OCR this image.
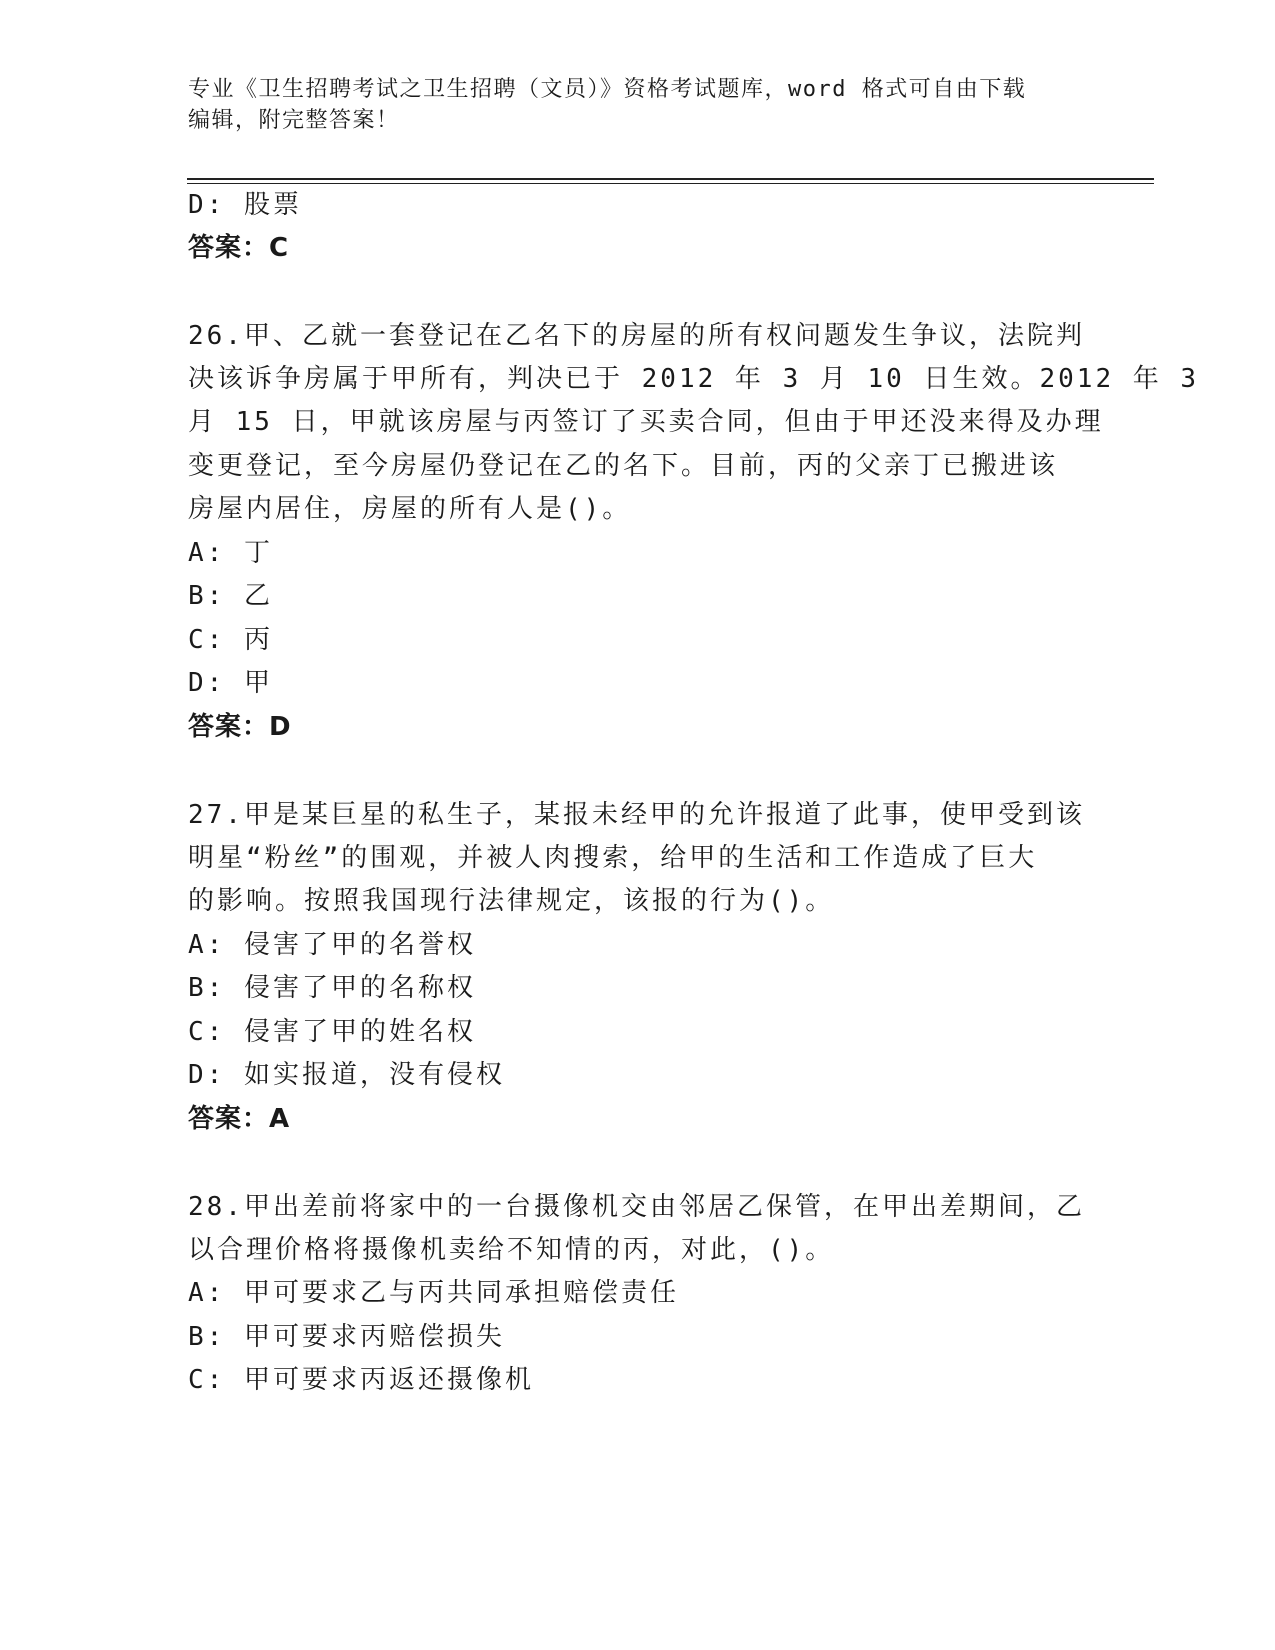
专业《卫生招聘考试之卫生招聘（文员）》资格考试题库，word 格式可自由下载
编辑，附完整答案！
D: 股票
答案：C
26.甲、乙就一套登记在乙名下的房屋的所有权问题发生争议，法院判
决该诉争房属于甲所有，判决已于 2012 年 3 月 10 日生效。2012 年 3
月 15 日，甲就该房屋与丙签订了买卖合同，但由于甲还没来得及办理
变更登记，至今房屋仍登记在乙的名下。目前，丙的父亲丁已搬进该
房屋内居住，房屋的所有人是()。
A: 丁
B: 乙
C: 丙
D: 甲
答案：D
27.甲是某巨星的私生子，某报未经甲的允许报道了此事，使甲受到该
明星“粉丝”的围观，并被人肉搜索，给甲的生活和工作造成了巨大
的影响。按照我国现行法律规定，该报的行为()。
A: 侵害了甲的名誉权
B: 侵害了甲的名称权
C: 侵害了甲的姓名权
D: 如实报道，没有侵权
答案：A
28.甲出差前将家中的一台摄像机交由邻居乙保管，在甲出差期间，乙
以合理价格将摄像机卖给不知情的丙，对此，()。
A: 甲可要求乙与丙共同承担赔偿责任
B: 甲可要求丙赔偿损失
C: 甲可要求丙返还摄像机
